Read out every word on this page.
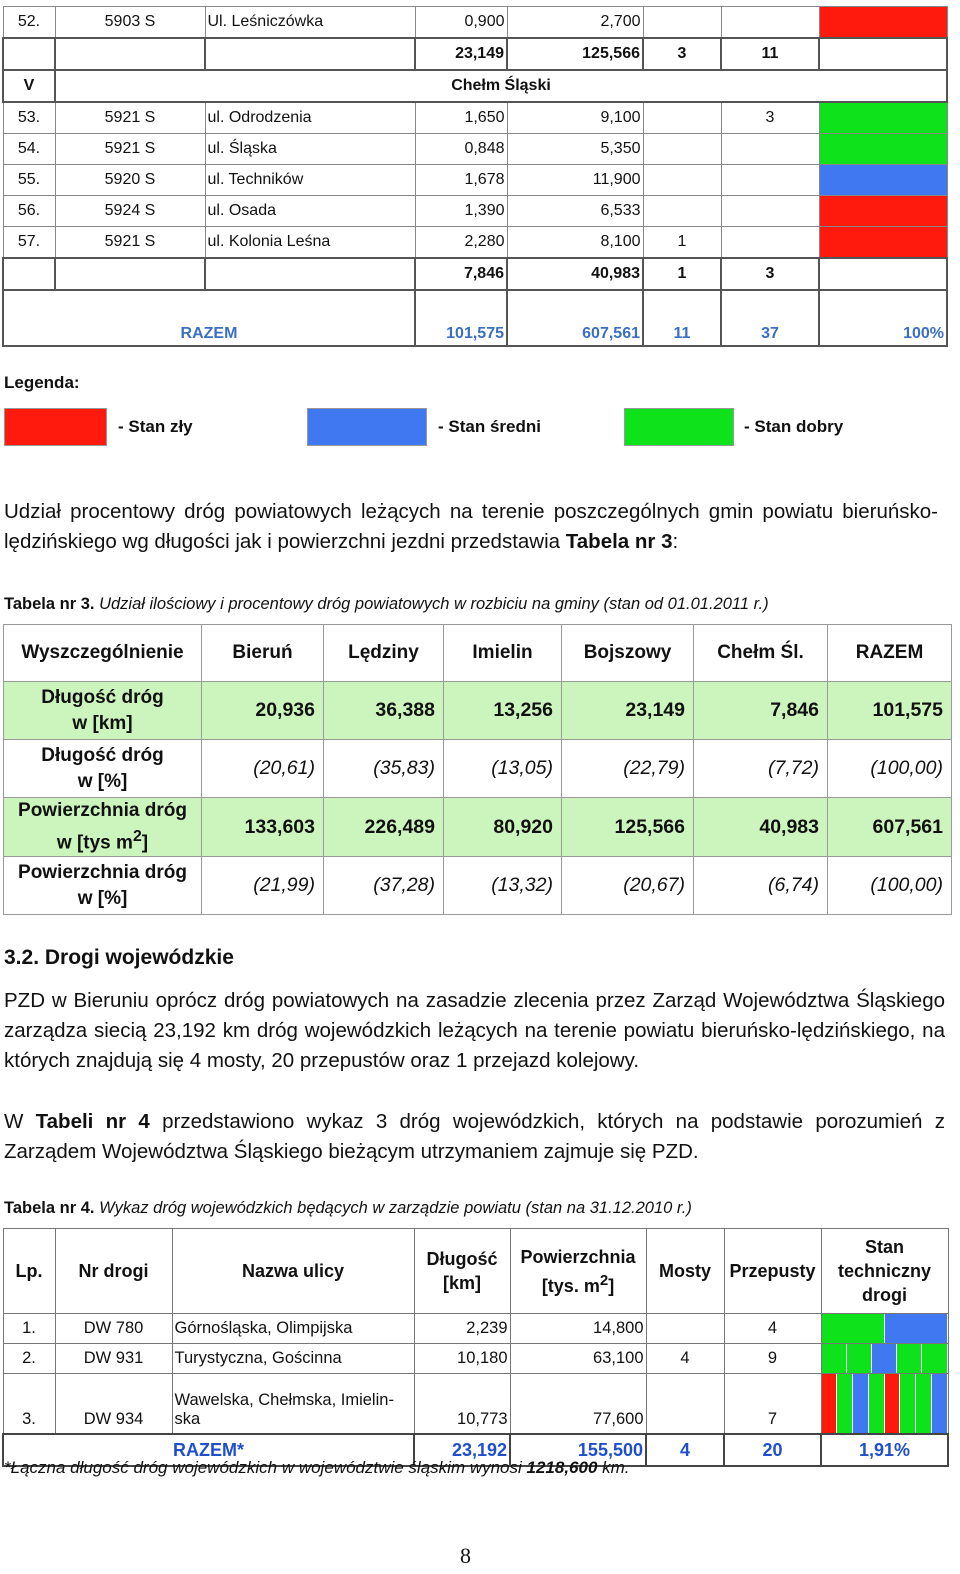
52.	5903 S	Ul. Leśniczówka	0,900	2,700			

			23,149	125,566	3	11	
V	Chełm Śląski						
53.	5921 S	ul. Odrodzenia	1,650	9,100		3	

54.	5921 S	ul. Śląska	0,848	5,350			

55.	5920 S	ul. Techników	1,678	11,900			

56.	5924 S	ul. Osada	1,390	6,533			

57.	5921 S	ul. Kolonia Leśna	2,280	8,100	1		

			7,846	40,983	1	3	
RAZEM			101,575	607,561	11	37	100%
Legenda:
- Stan zły	- Stan średni	- Stan dobry

Udział procentowy dróg powiatowych leżących na terenie poszczególnych gmin powiatu bieruńsko-lędzińskiego wg długości jak i powierzchni jezdni przedstawia Tabela nr 3:

Tabela nr 3. Udział ilościowy i procentowy dróg powiatowych w rozbiciu na gminy (stan od 01.01.2011 r.)
Wyszczególnienie	Bieruń	Lędziny	Imielin	Bojszowy	Chełm Śl.	RAZEM
Długość dróg
w [km]	20,936	36,388	13,256	23,149	7,846	101,575
Długość dróg
w [%]	(20,61)	(35,83)	(13,05)	(22,79)	(7,72)	(100,00)
Powierzchnia dróg
w [tys $m^2$]	133,603	226,489	80,920	125,566	40,983	607,561
Powierzchnia dróg
w [%]	(21,99)	(37,28)	(13,32)	(20,67)	(6,74)	(100,00)
3.2. Drogi wojewódzkie

PZD w Bieruniu oprócz dróg powiatowych na zasadzie zlecenia przez Zarząd Województwa Śląskiego zarządza siecią 23,192 km dróg wojewódzkich leżących na terenie powiatu bieruńsko-lędzińskiego, na których znajdują się 4 mosty, 20 przepustów oraz 1 przejazd kolejowy.

W Tabeli nr 4 przedstawiono wykaz 3 dróg wojewódzkich, których na podstawie porozumień z Zarządem Województwa Śląskiego bieżącym utrzymaniem zajmuje się PZD.

Tabela nr 4. Wykaz dróg wojewódzkich będących w zarządzie powiatu (stan na 31.12.2010 r.)
Lp.	Nr drogi	Nazwa ulicy	Długość
[km]	Powierzchnia
[tys. $m^2$]	Mosty	Przepusty	Stan
techniczny
drogi
1.	DW 780	Górnośląska, Olimpijska	2,239	14,800		4	

2.	DW 931	Turystyczna, Gościnna	10,180	63,100	4	9	

3.	DW 934	Wawelska, Chełmska, Imielin-
ska	10,773	77,600		7	

RAZEM*			23,192	155,500	4	20	1,91%
*Łączna długość dróg wojewódzkich w województwie śląskim wynosi 1218,600 km.
8
